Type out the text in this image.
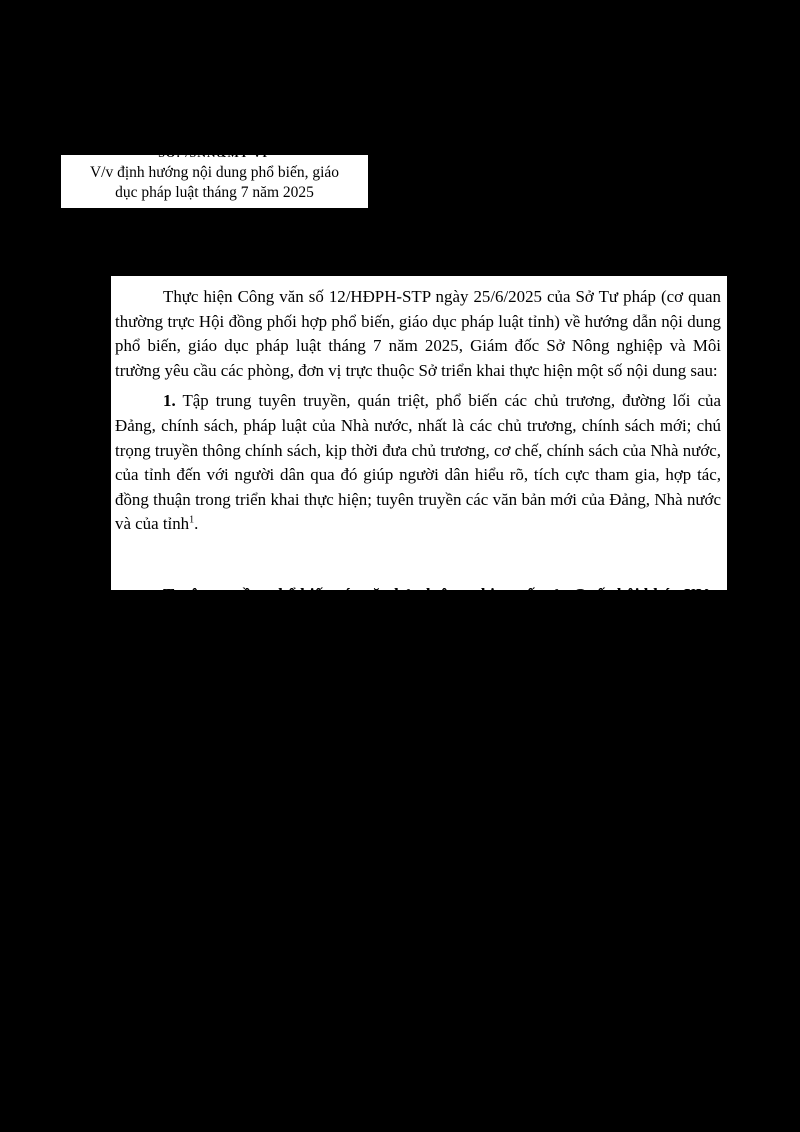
SỐ: /SNN&MT-VP
V/v định hướng nội dung phổ biến, giáo
dục pháp luật tháng 7 năm 2025

Thực hiện Công văn số 12/HĐPH-STP ngày 25/6/2025 của Sở Tư pháp (cơ quan thường trực Hội đồng phối hợp phổ biến, giáo dục pháp luật tỉnh) về hướng dẫn nội dung phổ biến, giáo dục pháp luật tháng 7 năm 2025, Giám đốc Sở Nông nghiệp và Môi trường yêu cầu các phòng, đơn vị trực thuộc Sở triển khai thực hiện một số nội dung sau:

1. Tập trung tuyên truyền, quán triệt, phổ biến các chủ trương, đường lối của Đảng, chính sách, pháp luật của Nhà nước, nhất là các chủ trương, chính sách mới; chú trọng truyền thông chính sách, kịp thời đưa chủ trương, cơ chế, chính sách của Nhà nước, của tỉnh đến với người dân qua đó giúp người dân hiểu rõ, tích cực tham gia, hợp tác, đồng thuận trong triển khai thực hiện; tuyên truyền các văn bản mới của Đảng, Nhà nước và của tỉnh$^1$.

Tuyên truyền, phổ biến các văn bản luật, nghị quyết của Quốc hội khóa XV
